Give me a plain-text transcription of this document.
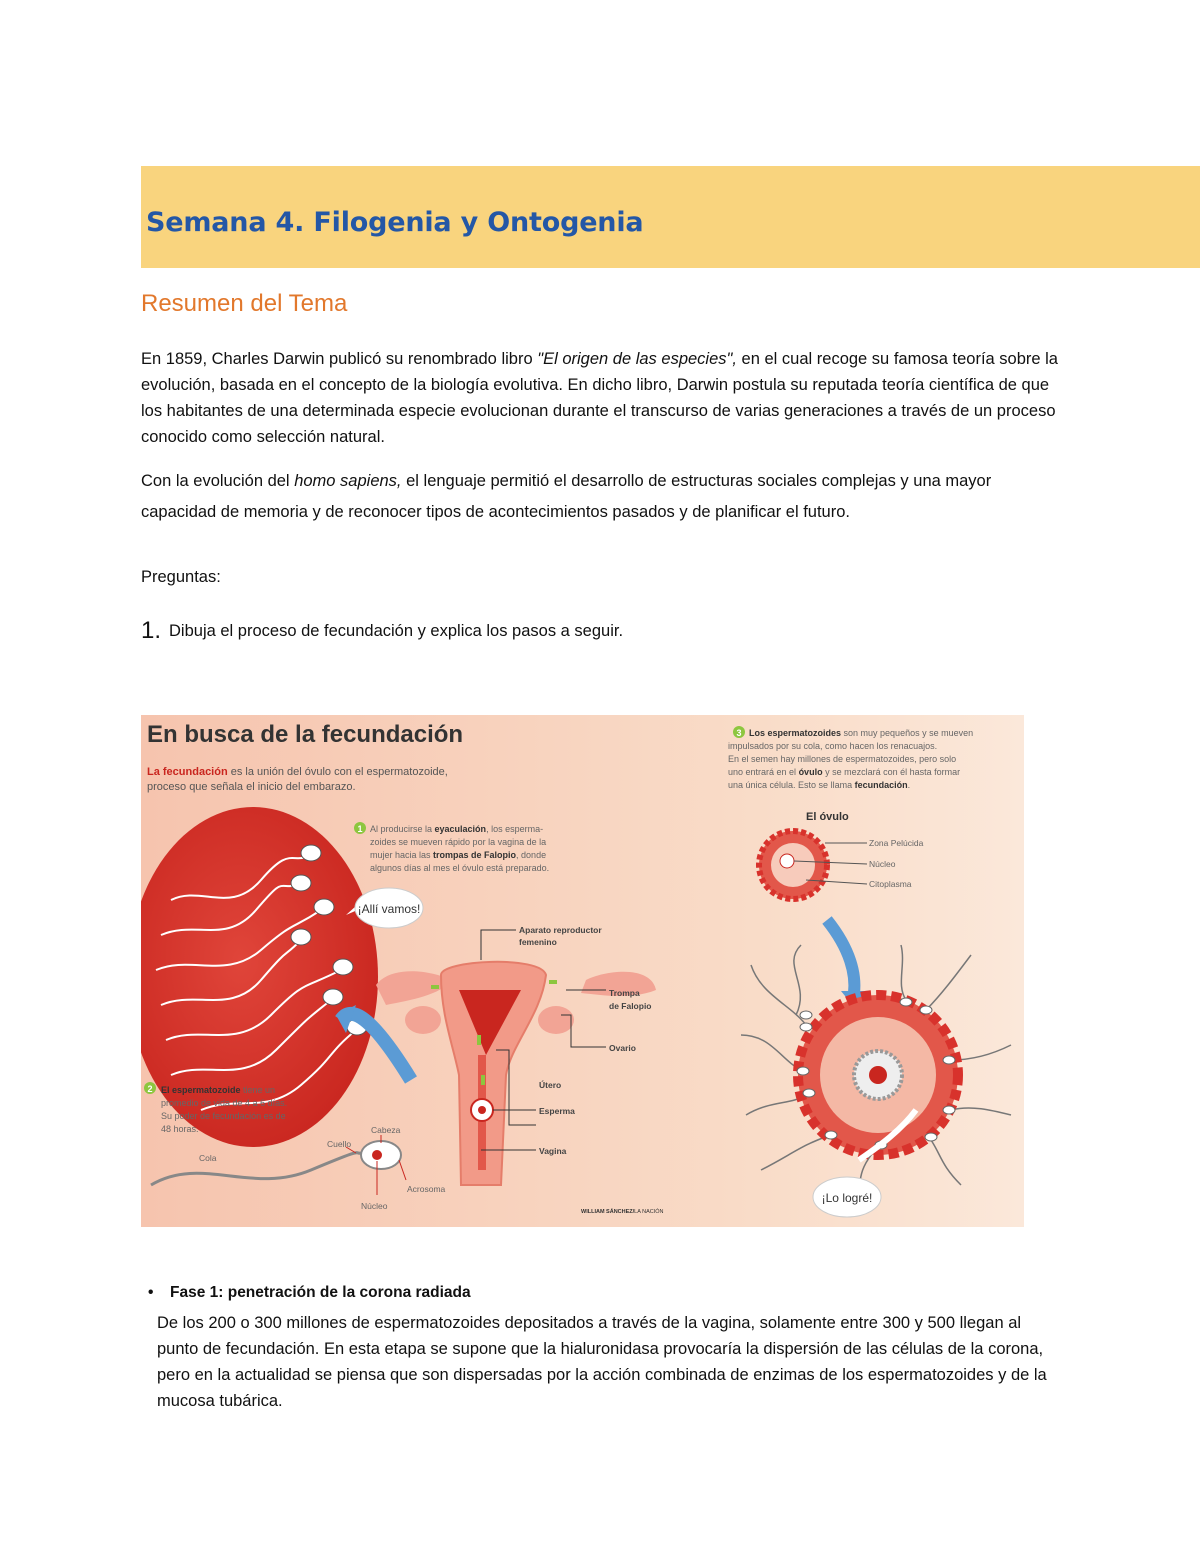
Semana 4. Filogenia y Ontogenia
Resumen del Tema

En 1859, Charles Darwin publicó su renombrado libro "El origen de las especies", en el cual recoge su famosa teoría sobre la evolución, basada en el concepto de la biología evolutiva. En dicho libro, Darwin postula su reputada teoría científica de que los habitantes de una determinada especie evolucionan durante el transcurso de varias generaciones a través de un proceso conocido como selección natural.

Con la evolución del homo sapiens, el lenguaje permitió el desarrollo de estructuras sociales complejas y una mayor capacidad de memoria y de reconocer tipos de acontecimientos pasados y de planificar el futuro.

Preguntas:
1. Dibuja el proceso de fecundación y explica los pasos a seguir.
En busca de la fecundación
La fecundación es la unión del óvulo con el espermatozoide,
proceso que señala el inicio del embarazo.
¡Allí vamos!
1 Al producirse la eyaculación, los esperma-
zoides se mueven rápido por la vagina de la
mujer hacia las trompas de Falopio, donde
algunos días al mes el óvulo está preparado.
Aparato reproductor
femenino
Trompa
de Falopio
Ovario
Útero
Esperma
Vagina
2 El espermatozoide tiene un
promedio de vida de 4 a 6 días.
Su poder de fecundación es de
48 horas.	Cabeza
Cuello
Cola
Acrosoma
Núcleo
3 Los espermatozoides son muy pequeños y se mueven
impulsados por su cola, como hacen los renacuajos.
En el semen hay millones de espermatozoides, pero solo
uno entrará en el óvulo y se mezclará con él hasta formar
una única célula. Esto se llama fecundación.
El óvulo
Zona Pelúcida
Núcleo
Citoplasma
¡Lo logré!
WILLIAM SÁNCHEZ/LA NACIÓN
• Fase 1: penetración de la corona radiada

De los 200 o 300 millones de espermatozoides depositados a través de la vagina, solamente entre 300 y 500 llegan al punto de fecundación. En esta etapa se supone que la hialuronidasa provocaría la dispersión de las células de la corona, pero en la actualidad se piensa que son dispersadas por la acción combinada de enzimas de los espermatozoides y de la mucosa tubárica.
